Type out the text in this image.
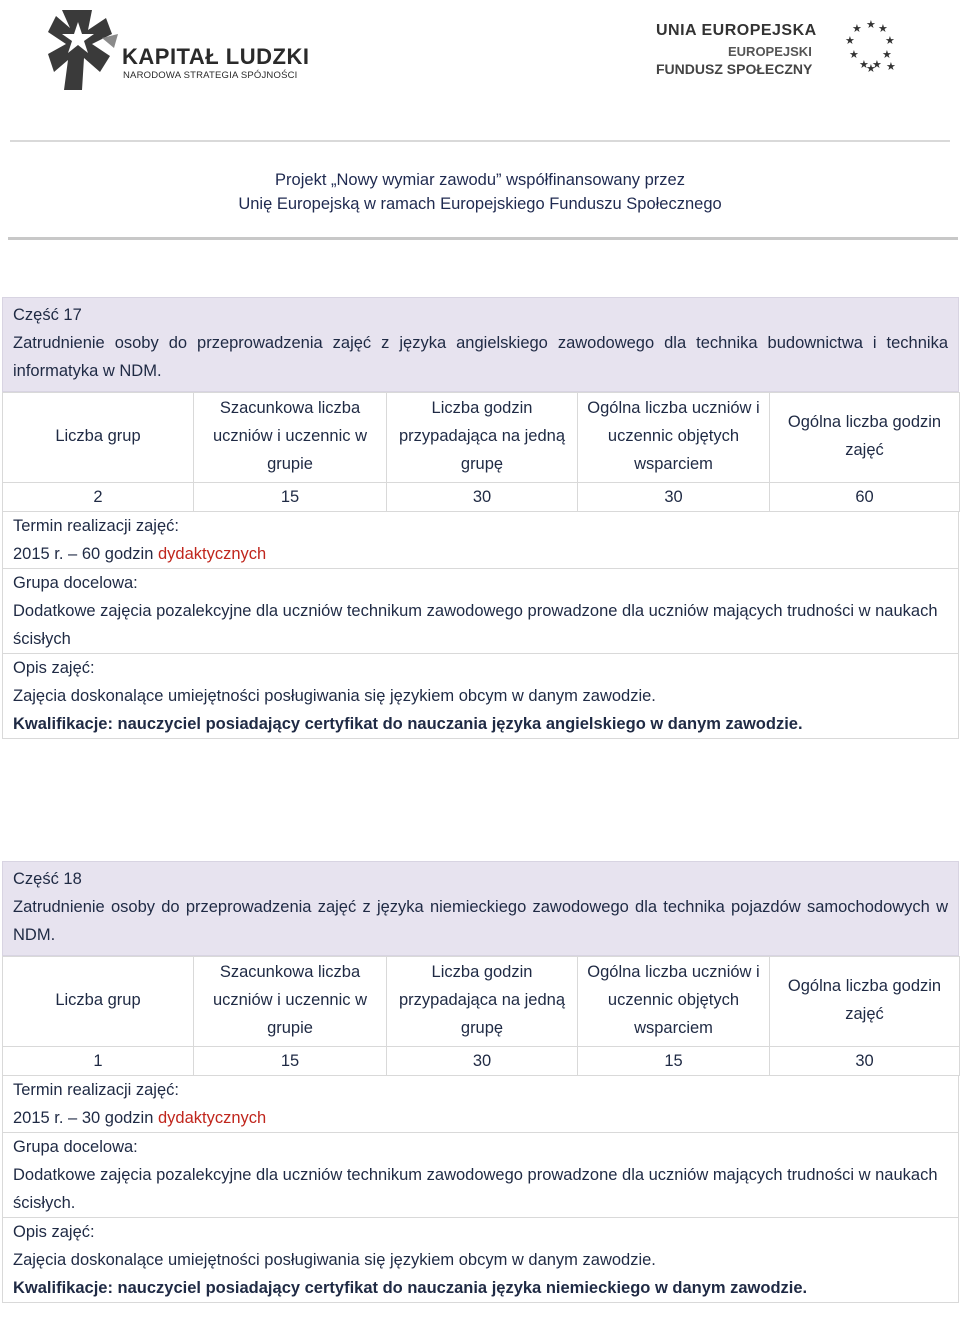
KAPITAŁ LUDZKI
NARODOWA STRATEGIA SPÓJNOŚCI
UNIA EUROPEJSKA
EUROPEJSKI
FUNDUSZ SPOŁECZNY
★ ★
★
★
★
★
★
★
★
★ ★
Projekt „Nowy wymiar zawodu” współfinansowany przez
Unię Europejską w ramach Europejskiego Funduszu Społecznego
Część 17
Zatrudnienie osoby do przeprowadzenia zajęć z języka angielskiego zawodowego dla technika budownictwa i technika informatyka w NDM.
Liczba grup	Szacunkowa liczba uczniów i uczennic w grupie	Liczba godzin przypadająca na jedną grupę	Ogólna liczba uczniów i uczennic objętych wsparciem	Ogólna liczba godzin zajęć
2	15	30	30	60
Termin realizacji zajęć:
2015 r. – 60 godzin dydaktycznych
Grupa docelowa:
Dodatkowe zajęcia pozalekcyjne dla uczniów technikum zawodowego prowadzone dla uczniów mających trudności w naukach ścisłych
Opis zajęć:
Zajęcia doskonalące umiejętności posługiwania się językiem obcym w danym zawodzie.
Kwalifikacje: nauczyciel posiadający certyfikat do nauczania języka angielskiego w danym zawodzie.
Część 18
Zatrudnienie osoby do przeprowadzenia zajęć z języka niemieckiego zawodowego dla technika pojazdów samochodowych w NDM.
Liczba grup	Szacunkowa liczba uczniów i uczennic w grupie	Liczba godzin przypadająca na jedną grupę	Ogólna liczba uczniów i uczennic objętych wsparciem	Ogólna liczba godzin zajęć
1	15	30	15	30
Termin realizacji zajęć:
2015 r. – 30 godzin dydaktycznych
Grupa docelowa:
Dodatkowe zajęcia pozalekcyjne dla uczniów technikum zawodowego prowadzone dla uczniów mających trudności w naukach ścisłych.
Opis zajęć:
Zajęcia doskonalące umiejętności posługiwania się językiem obcym w danym zawodzie.
Kwalifikacje: nauczyciel posiadający certyfikat do nauczania języka niemieckiego w danym zawodzie.
